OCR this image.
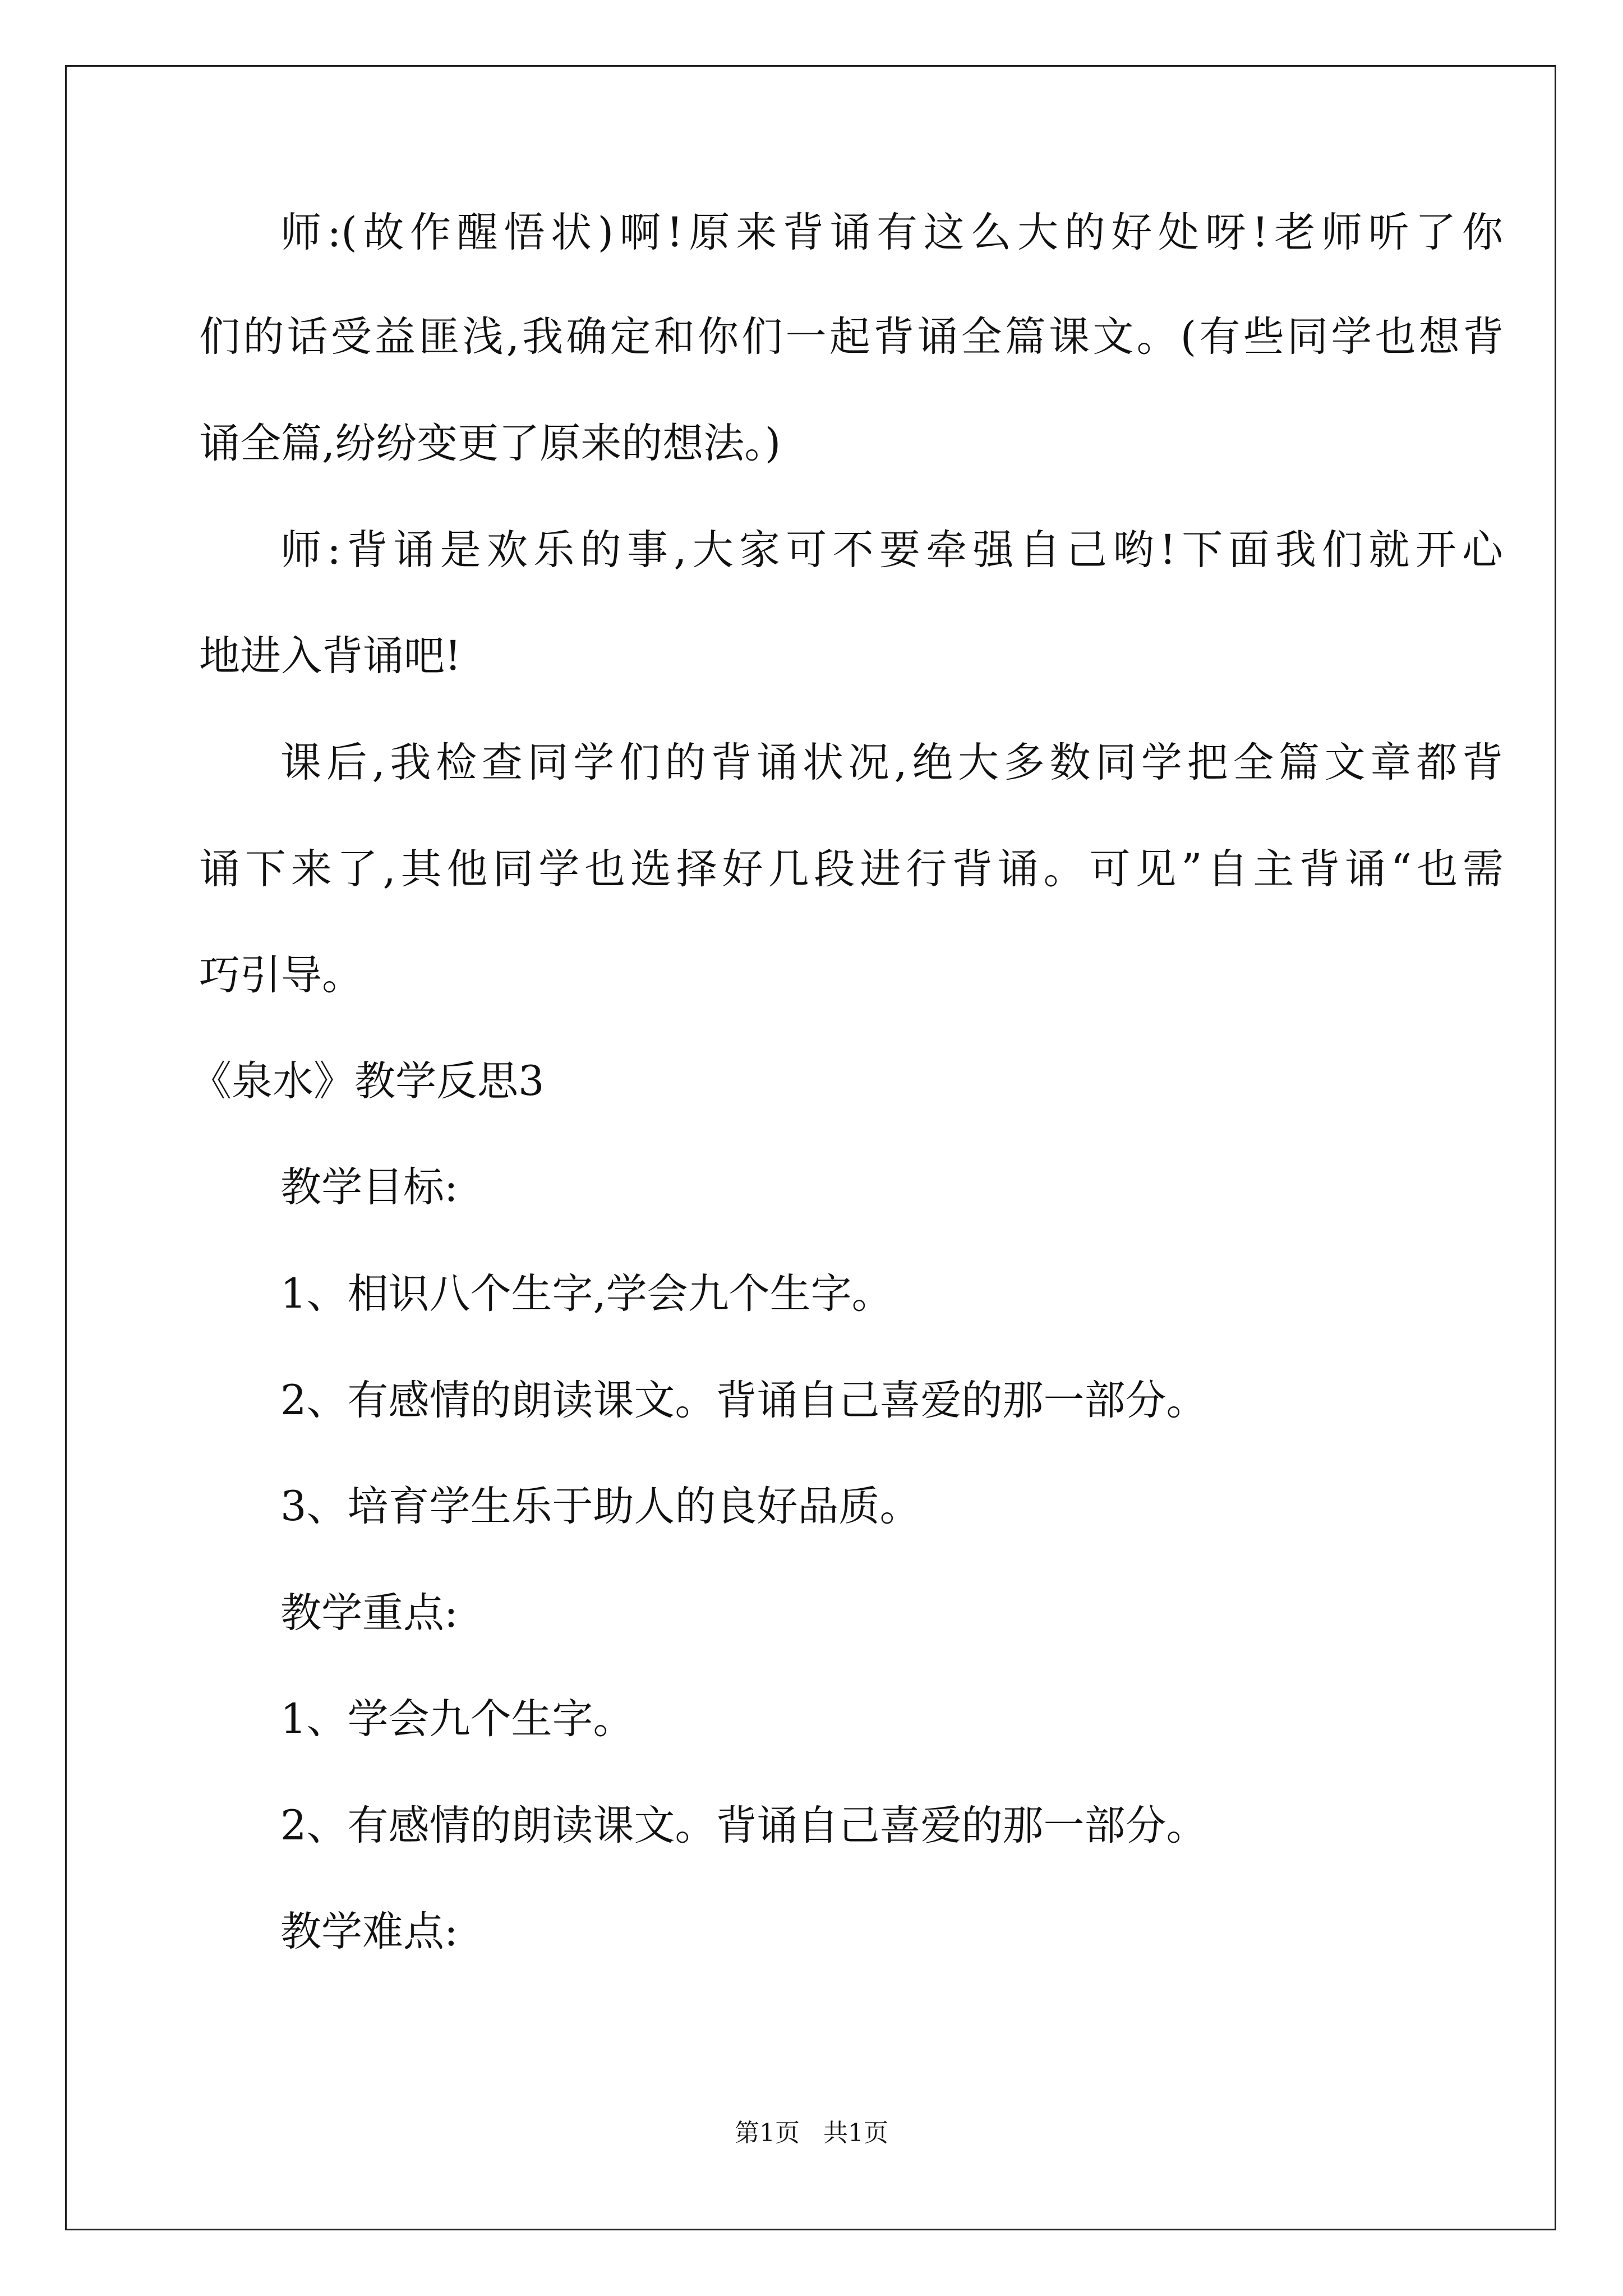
师:(故作醒悟状)啊!原来背诵有这么大的好处呀!老师听了你

们的话受益匪浅,我确定和你们一起背诵全篇课文。(有些同学也想背

诵全篇,纷纷变更了原来的想法。)

师:背诵是欢乐的事,大家可不要牵强自己哟!下面我们就开心

地进入背诵吧!

课后,我检查同学们的背诵状况,绝大多数同学把全篇文章都背

诵下来了,其他同学也选择好几段进行背诵。可见”自主背诵“也需

巧引导。

《泉水》教学反思3

教学目标:

1、相识八个生字,学会九个生字。

2、有感情的朗读课文。背诵自己喜爱的那一部分。

3、培育学生乐于助人的良好品质。

教学重点:

1、学会九个生字。

2、有感情的朗读课文。背诵自己喜爱的那一部分。

教学难点:

第1页   共1页
